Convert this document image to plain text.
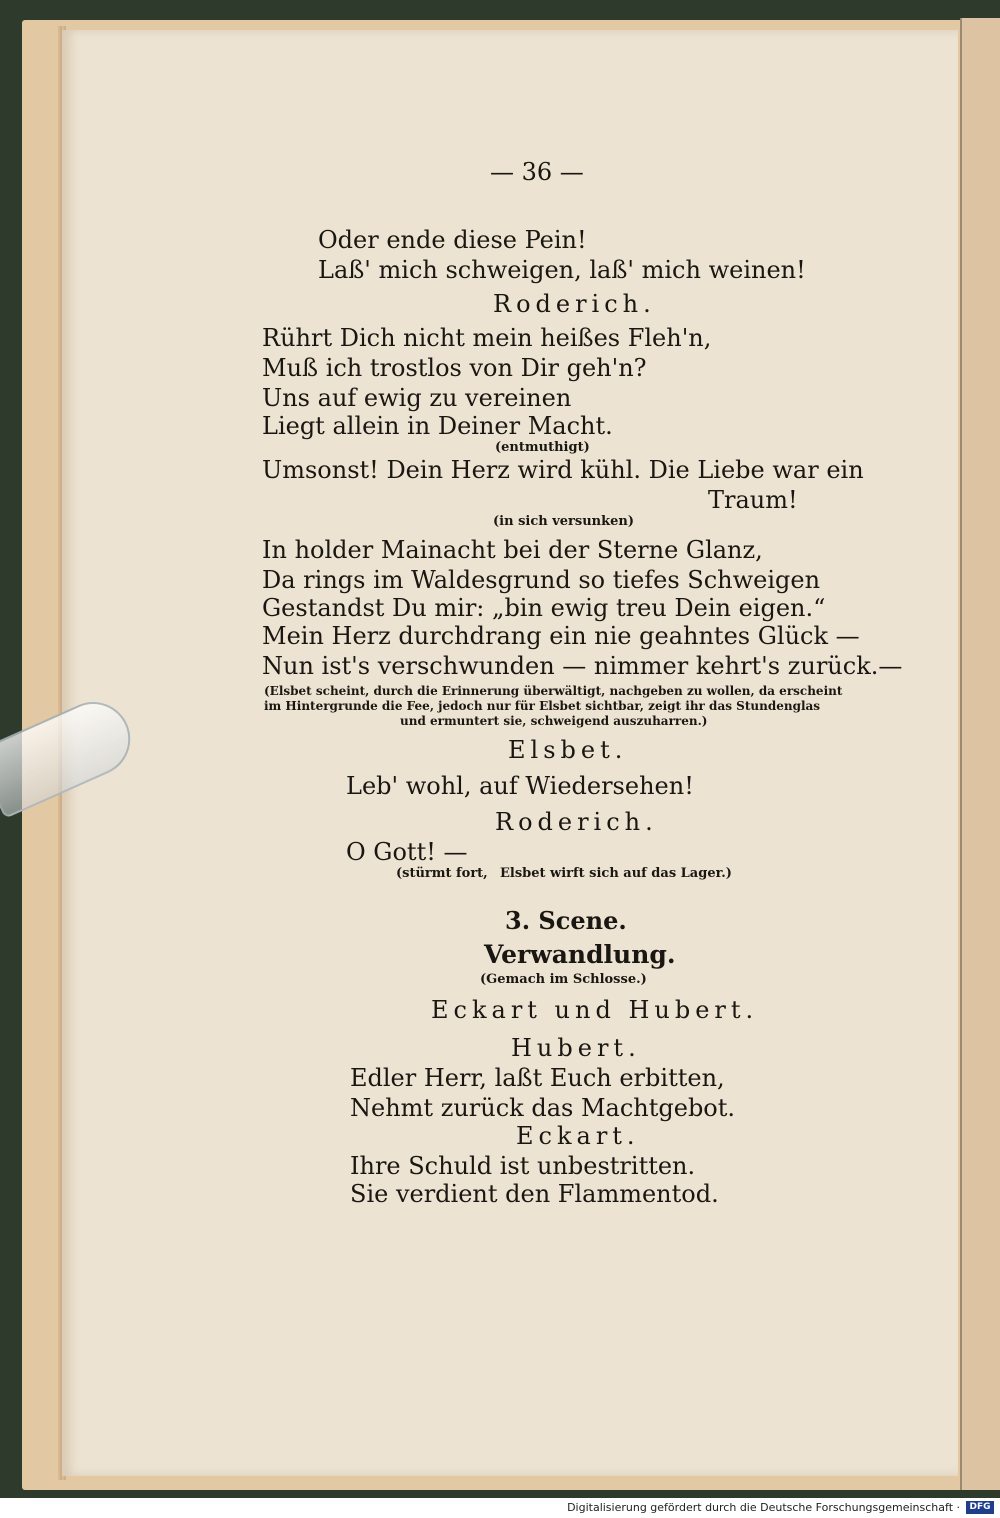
— 36 —
Oder ende diese Pein!
Laß' mich schweigen, laß' mich weinen!
Roderich.
Rührt Dich nicht mein heißes Fleh'n,
Muß ich trostlos von Dir geh'n?
Uns auf ewig zu vereinen
Liegt allein in Deiner Macht.
(entmuthigt)
Umsonst! Dein Herz wird kühl. Die Liebe war ein
Traum!
(in sich versunken)
In holder Mainacht bei der Sterne Glanz,
Da rings im Waldesgrund so tiefes Schweigen
Gestandst Du mir: „bin ewig treu Dein eigen.“
Mein Herz durchdrang ein nie geahntes Glück —
Nun ist's verschwunden — nimmer kehrt's zurück.—
(Elsbet scheint, durch die Erinnerung überwältigt, nachgeben zu wollen, da erscheint
im Hintergrunde die Fee, jedoch nur für Elsbet sichtbar, zeigt ihr das Stundenglas
und ermuntert sie, schweigend auszuharren.)
Elsbet.
Leb' wohl, auf Wiedersehen!
Roderich.
O Gott! —
(stürmt fort, Elsbet wirft sich auf das Lager.)
3. Scene.
Verwandlung.
(Gemach im Schlosse.)
Eckart und Hubert.
Hubert.
Edler Herr, laßt Euch erbitten,
Nehmt zurück das Machtgebot.
Eckart.
Ihre Schuld ist unbestritten.
Sie verdient den Flammentod.
Digitalisierung gefördert durch die Deutsche Forschungsgemeinschaft ·	DFG
